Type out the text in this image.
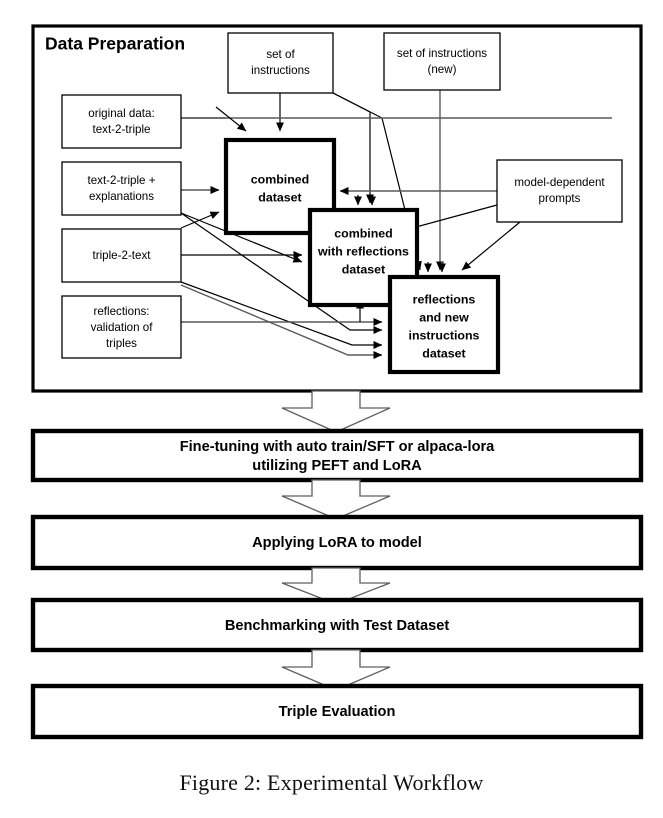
Data Preparation
original data:
text-2-triple
text-2-triple +
explanations
triple-2-text
reflections:
validation of
triples
set of
instructions
set of instructions
(new)
model-dependent
prompts
combined
dataset
combined
with reflections
dataset
reflections
and new
instructions
dataset
Fine-tuning with auto train/SFT or alpaca-lora
utilizing PEFT and LoRA
Applying LoRA to model
Benchmarking with Test Dataset
Triple Evaluation
Figure 2: Experimental Workflow
